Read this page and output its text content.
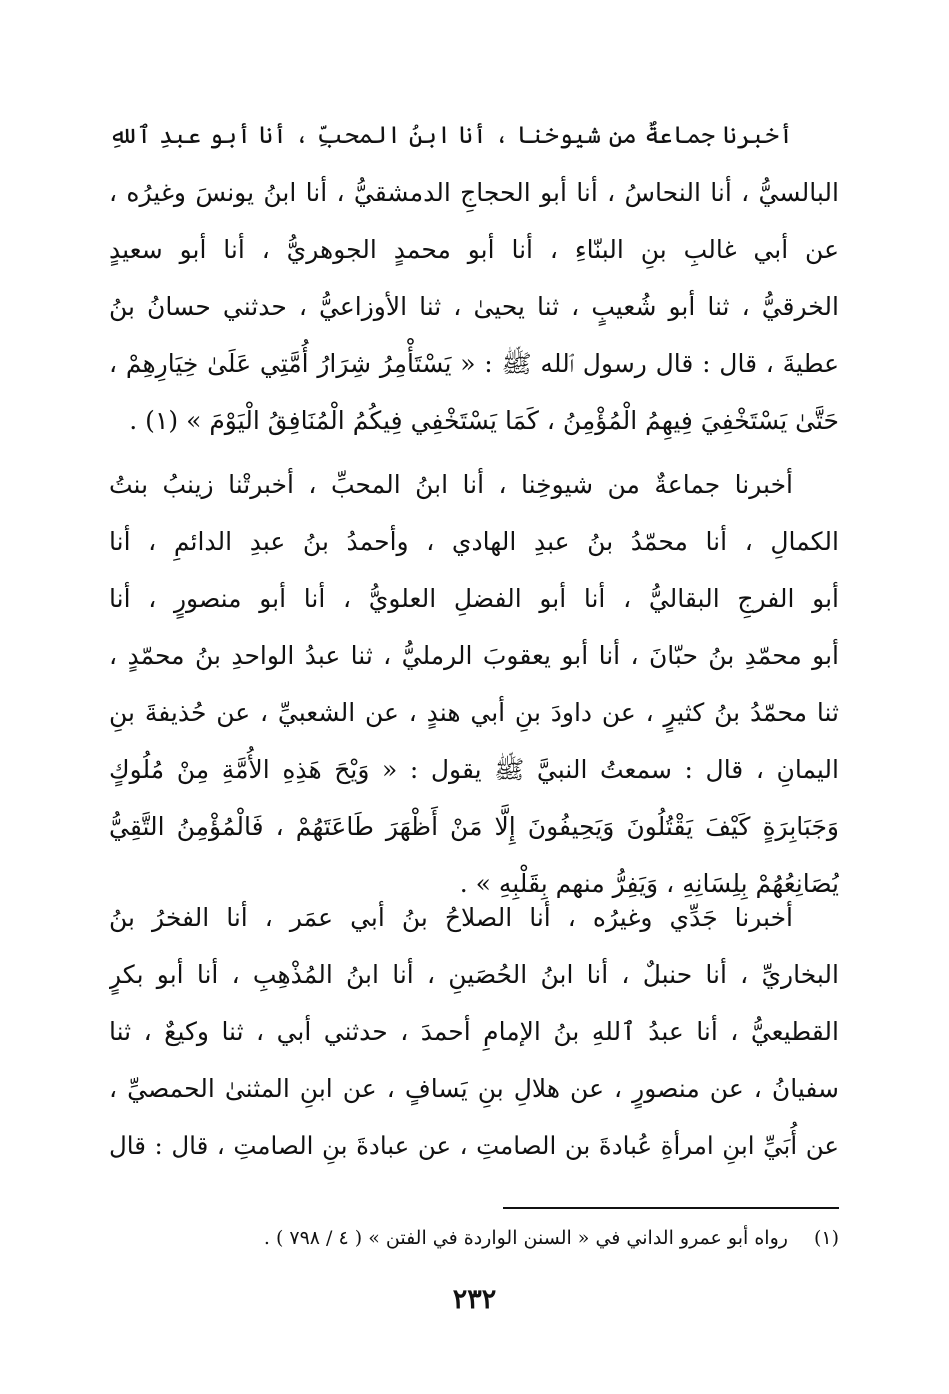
أخبرنا جماعةٌ من شيوخنا ، أنا ابنُ المحبِّ ، أنا أبو عبدِ ٱللهِ
البالسيُّ ، أنا النحاسُ ، أنا أبو الحجاجِ الدمشقيُّ ، أنا ابنُ يونسَ وغيرُه ،
عن أبي غالبِ بنِ البنّاءِ ، أنا أبو محمدٍ الجوهريُّ ، أنا أبو سعيدٍ
الخرقيُّ ، ثنا أبو شُعيبٍ ، ثنا يحيىٰ ، ثنا الأوزاعيُّ ، حدثني حسانُ بنُ
عطيةَ ، قال : قال رسول ٱلله ﷺ : « يَسْتَأْمِرُ شِرَارُ أُمَّتِي عَلَىٰ خِيَارِهِمْ ،
حَتَّىٰ يَسْتَخْفِيَ فِيهِمُ الْمُؤْمِنُ ، كَمَا يَسْتَخْفِي فِيكُمُ الْمُنَافِقُ الْيَوْمَ » (١) .
أخبرنا جماعةٌ من شيوخِنا ، أنا ابنُ المحبِّ ، أخبرتْنا زينبُ بنتُ
الكمالِ ، أنا محمّدُ بنُ عبدِ الهادي ، وأحمدُ بنُ عبدِ الدائمِ ، أنا
أبو الفرجِ البقاليُّ ، أنا أبو الفضلِ العلويُّ ، أنا أبو منصورٍ ، أنا
أبو محمّدِ بنُ حبّانَ ، أنا أبو يعقوبَ الرمليُّ ، ثنا عبدُ الواحدِ بنُ محمّدٍ ،
ثنا محمّدُ بنُ كثيرٍ ، عن داودَ بنِ أبي هندٍ ، عن الشعبيِّ ، عن حُذيفةَ بنِ
اليمانِ ، قال : سمعتُ النبيَّ ﷺ يقول : « وَيْحَ هَذِهِ الأُمَّةِ مِنْ مُلُوكٍ
وَجَبَابِرَةٍ كَيْفَ يَقْتُلُونَ وَيَحِيفُونَ إِلَّا مَنْ أَظْهَرَ طَاعَتَهُمْ ، فَالْمُؤْمِنُ التَّقِيُّ
يُصَانِعُهُمْ بِلِسَانِهِ ، وَيَفِرُّ منهم بِقَلْبِهِ » .
أخبرنا جَدِّي وغيرُه ، أنا الصلاحُ بنُ أبي عمَر ، أنا الفخرُ بنُ
البخاريِّ ، أنا حنبلٌ ، أنا ابنُ الحُصَينِ ، أنا ابنُ المُذْهِبِ ، أنا أبو بكرٍ
القطيعيُّ ، أنا عبدُ ٱللهِ بنُ الإمامِ أحمدَ ، حدثني أبي ، ثنا وكيعٌ ، ثنا
سفيانُ ، عن منصورٍ ، عن هلالِ بنِ يَسافٍ ، عن ابنِ المثنىٰ الحمصيِّ ،
عن أُبَيِّ ابنِ امرأةِ عُبادةَ بن الصامتِ ، عن عبادةَ بنِ الصامتِ ، قال : قال
(١)رواه أبو عمرو الداني في « السنن الواردة في الفتن » ( ٤ / ٧٩٨ ) .
٢٣٢
